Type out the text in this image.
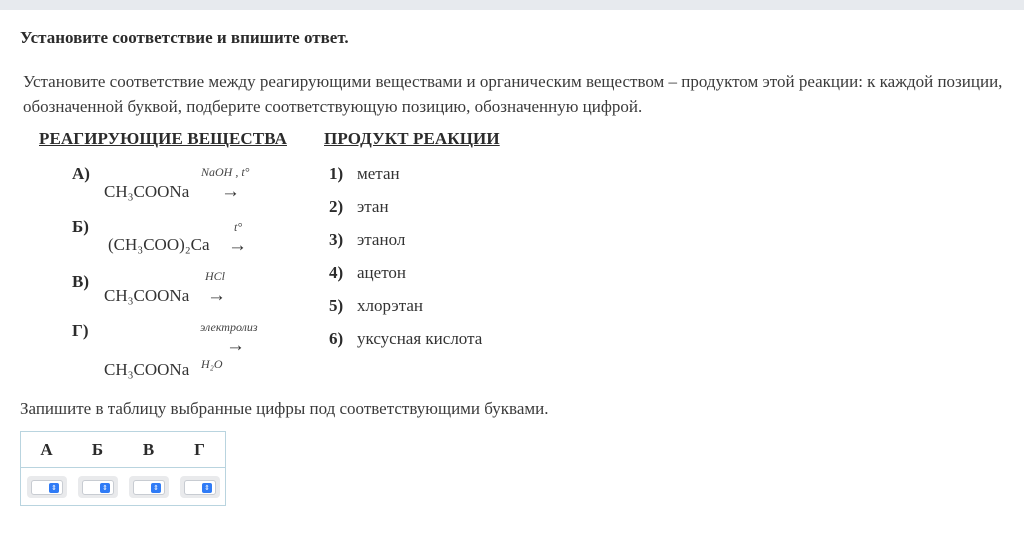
Установите соответствие и впишите ответ.
Установите соответствие между реагирующими веществами и органическим веществом – продуктом этой реакции: к каждой позиции, обозначенной буквой, подберите соответствующую позицию, обозначенную цифрой.
РЕАГИРУЮЩИЕ ВЕЩЕСТВА ПРОДУКТ РЕАКЦИИ
А)	NaOH , t°
CH₃COONa →
Б)	t°
(CH₃COO)₂Ca →
В)	HCl
CH₃COONa →
Г)	электролиз
→
CH₃COONa H₂O
1) метан
2) этан
3) этанол
4) ацетон
5) хлорэтан
6) уксусная кислота
Запишите в таблицу выбранные цифры под соответствующими буквами.
А	Б	В	Г
⇕	⇕	⇕	⇕
